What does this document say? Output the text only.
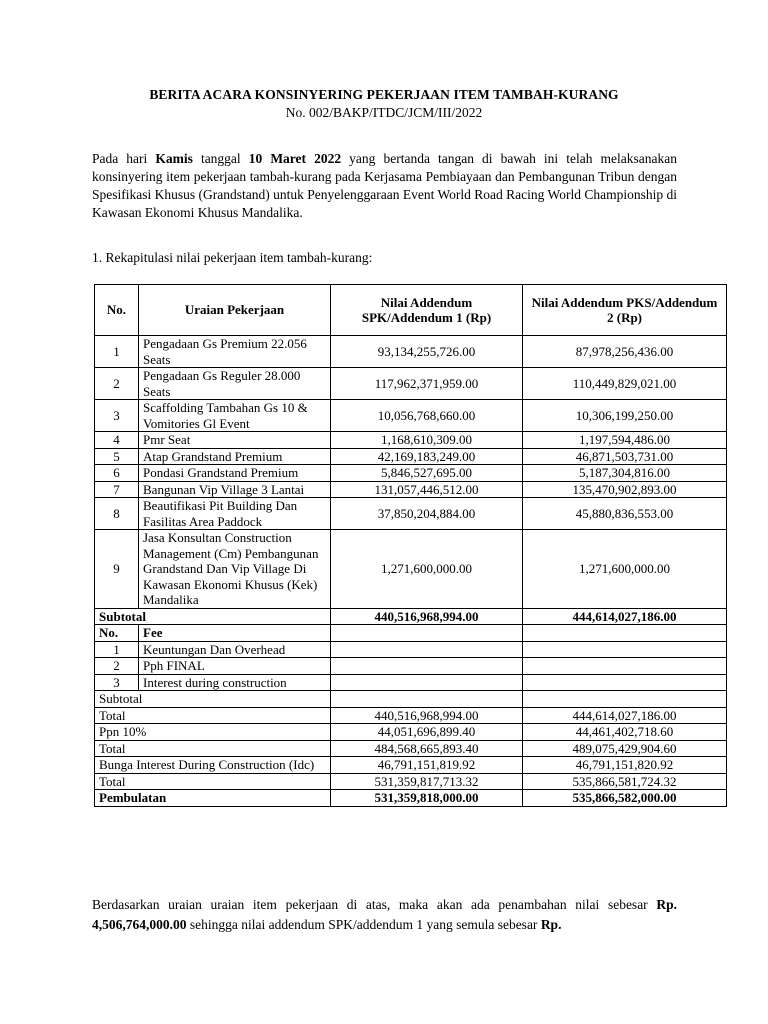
BERITA ACARA KONSINYERING PEKERJAAN ITEM TAMBAH-KURANG
No. 002/BAKP/ITDC/JCM/III/2022
Pada hari Kamis tanggal 10 Maret 2022 yang bertanda tangan di bawah ini telah melaksanakan konsinyering item pekerjaan tambah-kurang pada Kerjasama Pembiayaan dan Pembangunan Tribun dengan Spesifikasi Khusus (Grandstand) untuk Penyelenggaraan Event World Road Racing World Championship di Kawasan Ekonomi Khusus Mandalika.
1. Rekapitulasi nilai pekerjaan item tambah-kurang:
No.	Uraian Pekerjaan	Nilai Addendum SPK/Addendum 1 (Rp)	Nilai Addendum PKS/Addendum 2 (Rp)
1	Pengadaan Gs Premium 22.056 Seats	93,134,255,726.00	87,978,256,436.00
2	Pengadaan Gs Reguler 28.000 Seats	117,962,371,959.00	110,449,829,021.00
3	Scaffolding Tambahan Gs 10 & Vomitories Gl Event	10,056,768,660.00	10,306,199,250.00
4	Pmr Seat	1,168,610,309.00	1,197,594,486.00
5	Atap Grandstand Premium	42,169,183,249.00	46,871,503,731.00
6	Pondasi Grandstand Premium	5,846,527,695.00	5,187,304,816.00
7	Bangunan Vip Village 3 Lantai	131,057,446,512.00	135,470,902,893.00
8	Beautifikasi Pit Building Dan Fasilitas Area Paddock	37,850,204,884.00	45,880,836,553.00
9	Jasa Konsultan Construction Management (Cm) Pembangunan Grandstand Dan Vip Village Di Kawasan Ekonomi Khusus (Kek) Mandalika	1,271,600,000.00	1,271,600,000.00
Subtotal		440,516,968,994.00	444,614,027,186.00
No.	Fee		
1	Keuntungan Dan Overhead		
2	Pph FINAL		
3	Interest during construction		
Subtotal			
Total		440,516,968,994.00	444,614,027,186.00
Ppn 10%		44,051,696,899.40	44,461,402,718.60
Total		484,568,665,893.40	489,075,429,904.60
Bunga Interest During Construction (Idc)		46,791,151,819.92	46,791,151,820.92
Total		531,359,817,713.32	535,866,581,724.32
Pembulatan		531,359,818,000.00	535,866,582,000.00
Berdasarkan uraian uraian item pekerjaan di atas, maka akan ada penambahan nilai sebesar Rp. 4,506,764,000.00 sehingga nilai addendum SPK/addendum 1 yang semula sebesar Rp.
